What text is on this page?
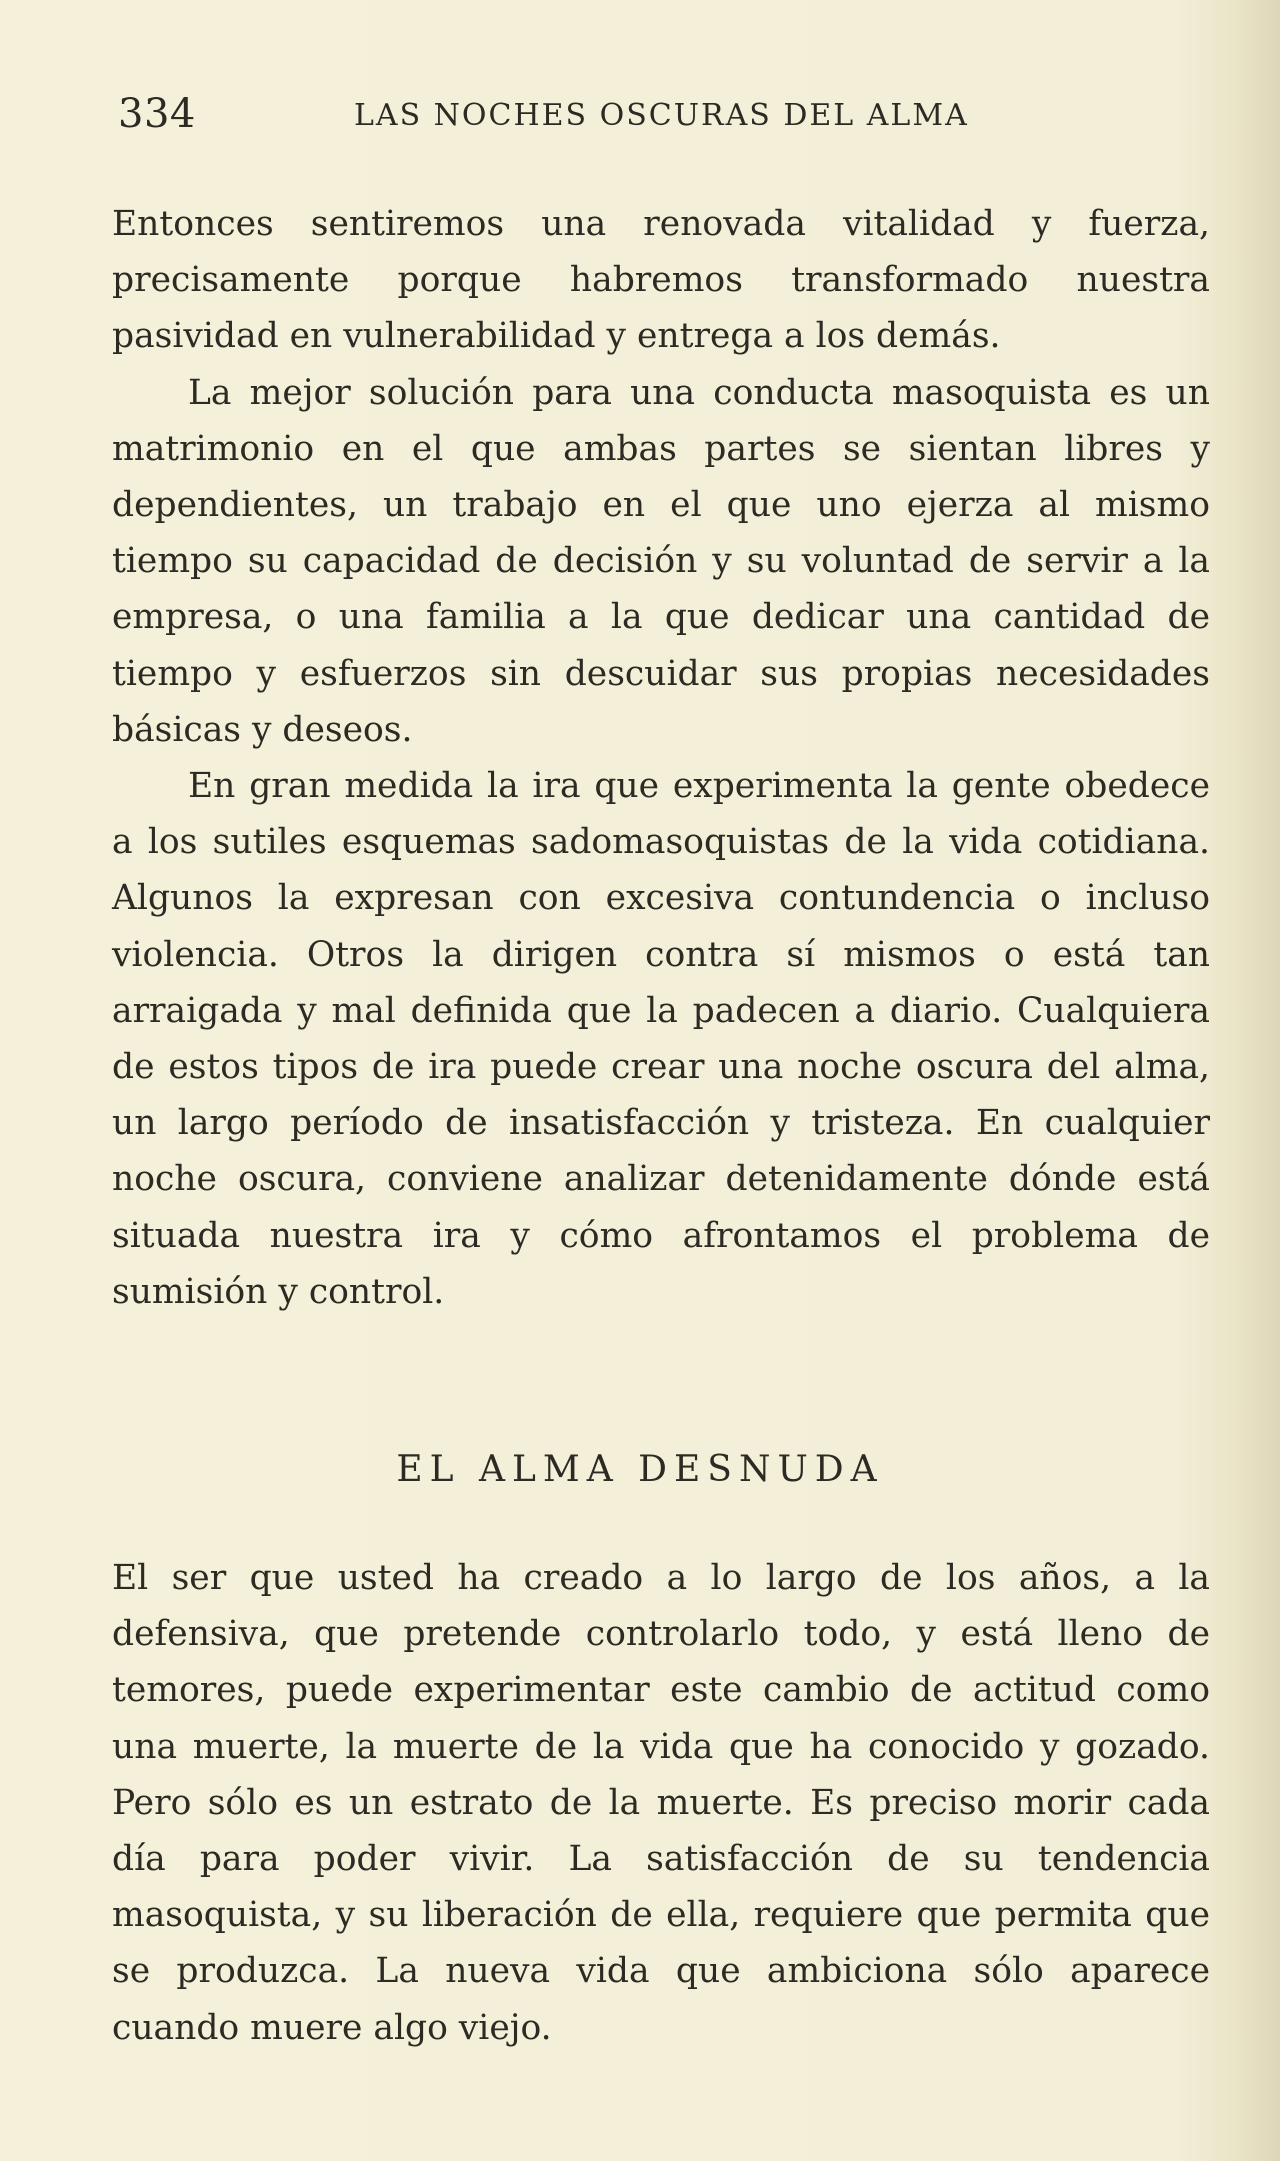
334	LAS NOCHES OSCURAS DEL ALMA

Entonces sentiremos una renovada vitalidad y fuerza, precisamente porque habremos transformado nuestra pasividad en vulnerabilidad y entrega a los demás.

La mejor solución para una conducta masoquista es un matrimonio en el que ambas partes se sientan libres y dependientes, un trabajo en el que uno ejerza al mismo tiempo su capacidad de decisión y su voluntad de servir a la empresa, o una familia a la que dedicar una cantidad de tiempo y esfuerzos sin descuidar sus propias necesidades básicas y deseos.

En gran medida la ira que experimenta la gente obedece a los sutiles esquemas sadomasoquistas de la vida cotidiana. Algunos la expresan con excesiva contundencia o incluso violencia. Otros la dirigen contra sí mismos o está tan arraigada y mal definida que la padecen a diario. Cualquiera de estos tipos de ira puede crear una noche oscura del alma, un largo período de insatisfacción y tristeza. En cualquier noche oscura, conviene analizar detenidamente dónde está situada nuestra ira y cómo afrontamos el problema de sumisión y control.

EL ALMA DESNUDA

El ser que usted ha creado a lo largo de los años, a la defensiva, que pretende controlarlo todo, y está lleno de temores, puede experimentar este cambio de actitud como una muerte, la muerte de la vida que ha conocido y gozado. Pero sólo es un estrato de la muerte. Es preciso morir cada día para poder vivir. La satisfacción de su tendencia masoquista, y su liberación de ella, requiere que permita que se produzca. La nueva vida que ambiciona sólo aparece cuando muere algo viejo.
